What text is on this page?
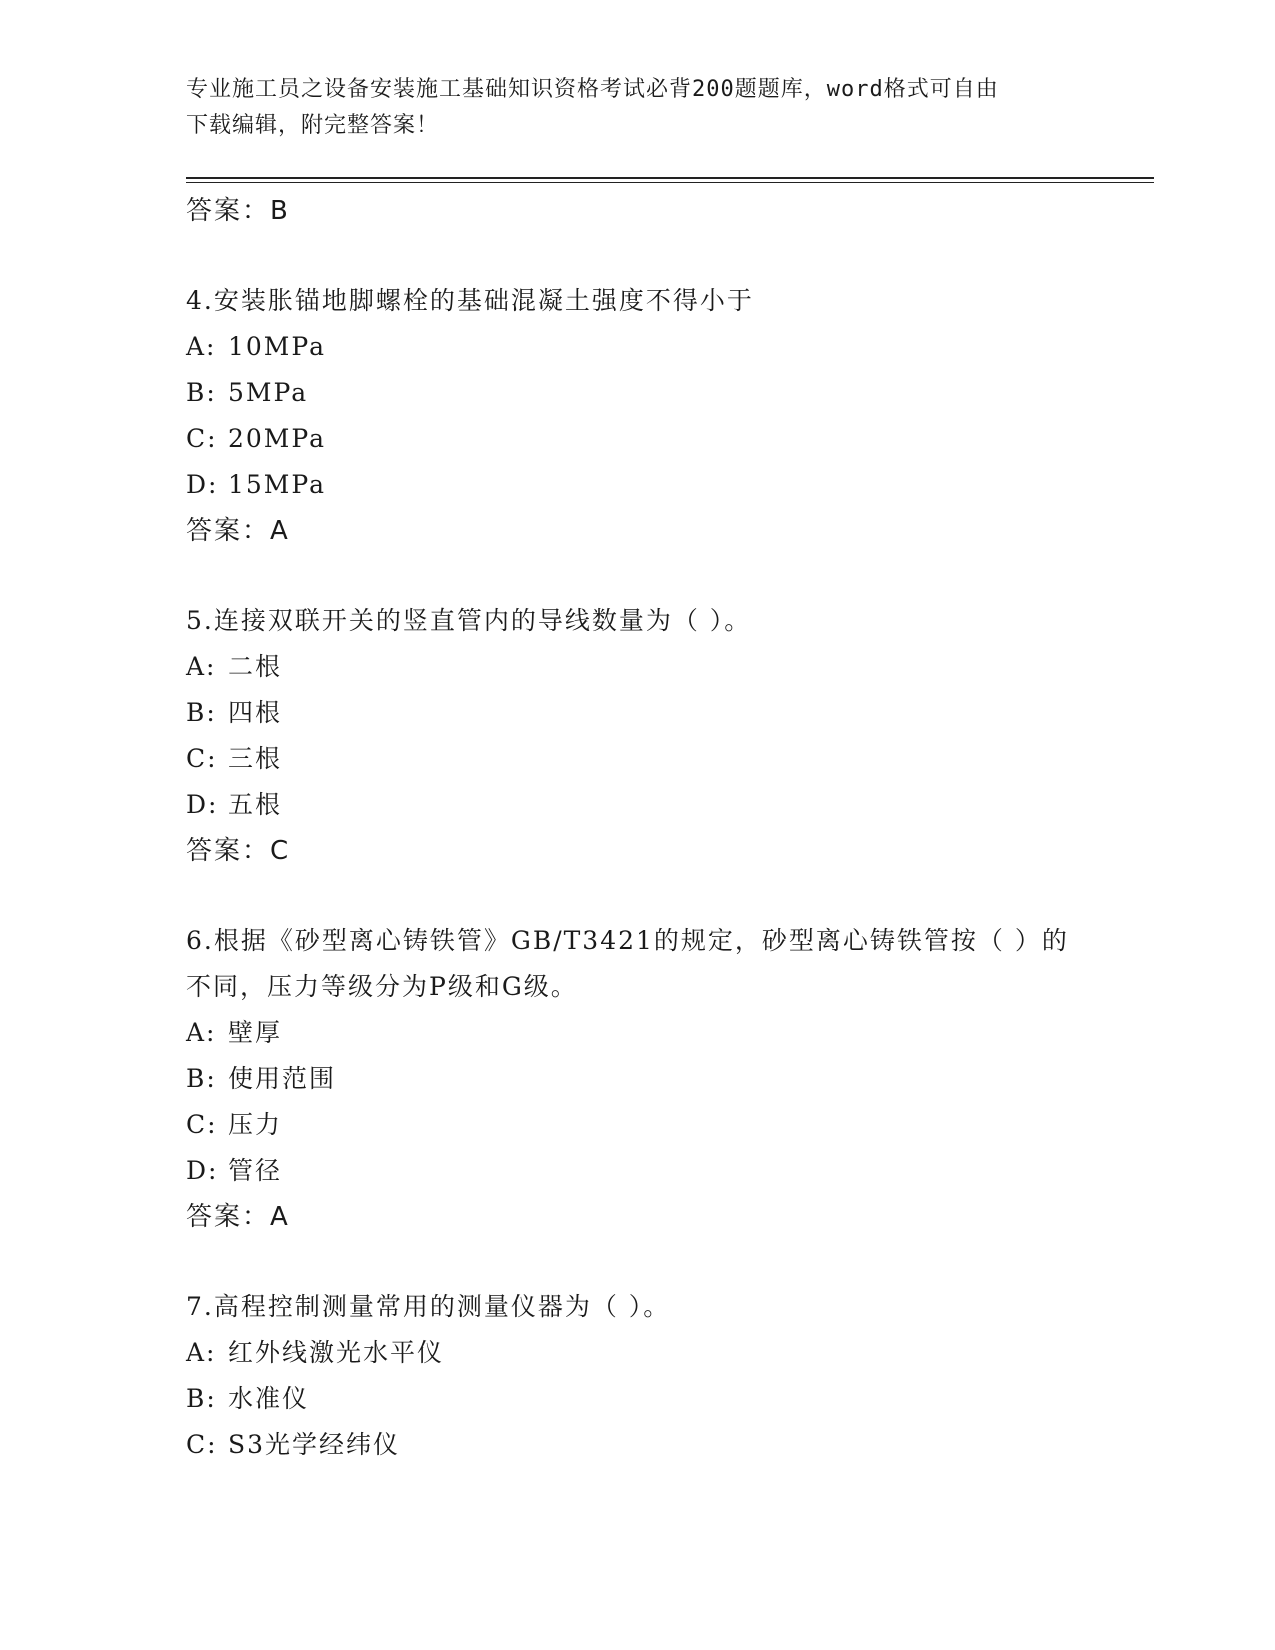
专业施工员之设备安装施工基础知识资格考试必背200题题库，word格式可自由
下载编辑，附完整答案！
答案：B
4.安装胀锚地脚螺栓的基础混凝土强度不得小于
A: 10MPa
B: 5MPa
C: 20MPa
D: 15MPa
答案：A
5.连接双联开关的竖直管内的导线数量为（ ）。
A: 二根
B: 四根
C: 三根
D: 五根
答案：C
6.根据《砂型离心铸铁管》GB/T3421的规定，砂型离心铸铁管按（ ）的不同，压力等级分为P级和G级。
A: 壁厚
B: 使用范围
C: 压力
D: 管径
答案：A
7.高程控制测量常用的测量仪器为（ ）。
A: 红外线激光水平仪
B: 水准仪
C: S3光学经纬仪
